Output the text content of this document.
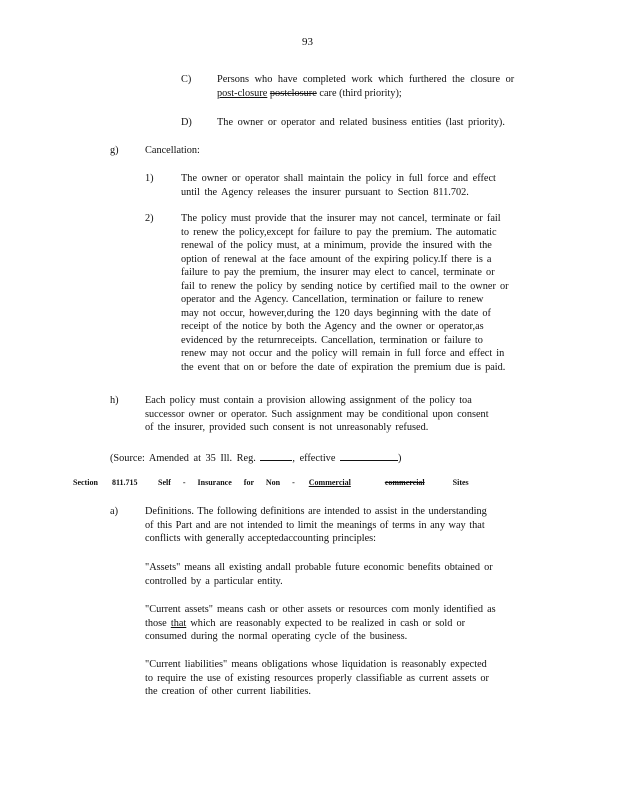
93
C) Persons who have completed work which furthered the closure or
post-closure postclosure care (third priority);
D) The owner or operator and related business entities (last priority).
g)	Cancellation:
1)	The owner or operator shall maintain the policy in full force and effect
until the Agency releases the insurer pursuant to Section 811.702.
2)	The policy must provide that the insurer may not cancel, terminate or fail
to renew the policy,except for failure to pay the premium. The automatic
renewal of the policy must, at a minimum, provide the insured with the
option of renewal at the face amount of the expiring policy.If there is a
failure to pay the premium, the insurer may elect to cancel, terminate or
fail to renew the policy by sending notice by certified mail to the owner or
operator and the Agency. Cancellation, termination or failure to renew
may not occur, however,during the 120 days beginning with the date of
receipt of the notice by both the Agency and the owner or operator,as
evidenced by the returnreceipts. Cancellation, termination or failure to
renew may not occur and the policy will remain in full force and effect in
the event that on or before the date of expiration the premium due is paid.
h)	Each policy must contain a provision allowing assignment of the policy toa
successor owner or operator. Such assignment may be conditional upon consent
of the insurer, provided such consent is not unreasonably refused.
(Source: Amended at 35 Ill. Reg.	, effective	)
Section 811.715	Self - Insurance for Non - Commercial	commercial	Sites
a)	Definitions. The following definitions are intended to assist in the understanding
of this Part and are not intended to limit the meanings of terms in any way that
conflicts with generally acceptedaccounting principles:
"Assets" means all existing andall probable future economic benefits obtained or
controlled by a particular entity.
"Current assets" means cash or other assets or resources com monly identified as
those that which are reasonably expected to be realized in cash or sold or
consumed during the normal operating cycle of the business.
"Current liabilities" means obligations whose liquidation is reasonably expected
to require the use of existing resources properly classifiable as current assets or
the creation of other current liabilities.
